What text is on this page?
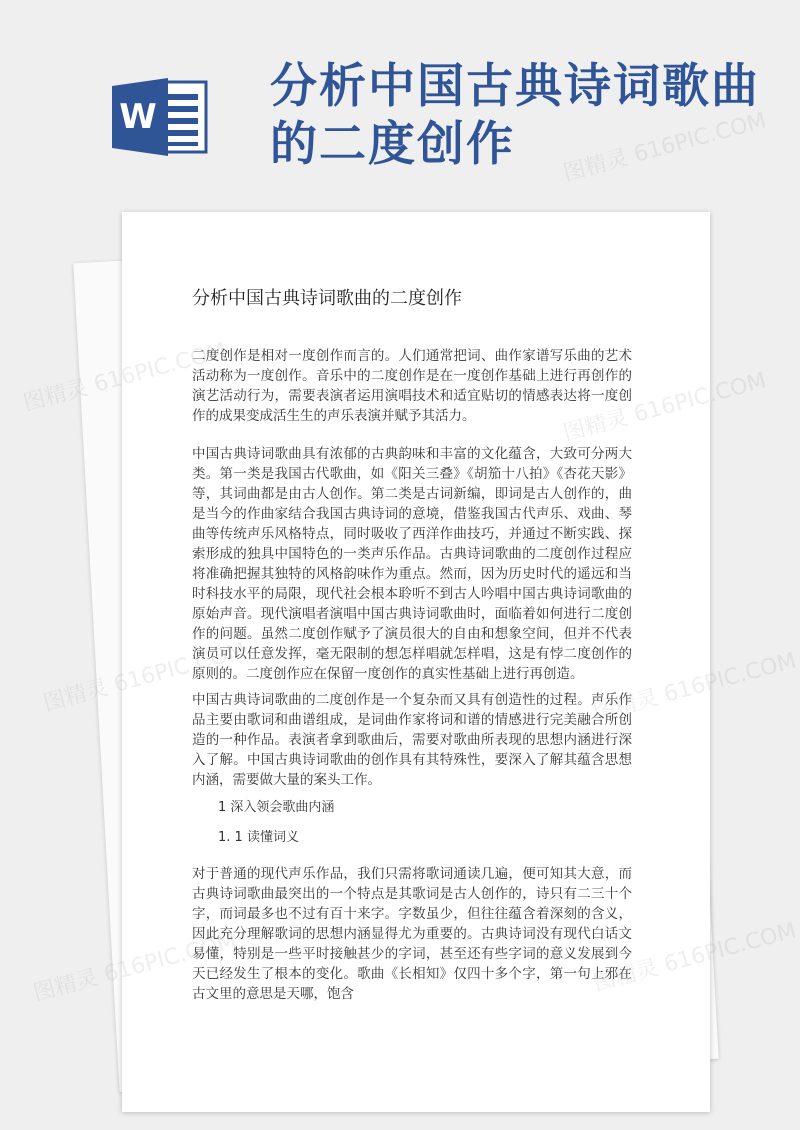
W
分析中国古典诗词歌曲的二度创作
分析中国古典诗词歌曲的二度创作

二度创作是相对一度创作而言的。人们通常把词、曲作家谱写乐曲的艺术活动称为一度创作。音乐中的二度创作是在一度创作基础上进行再创作的演艺活动行为，需要表演者运用演唱技术和适宜贴切的情感表达将一度创作的成果变成活生生的声乐表演并赋予其活力。

中国古典诗词歌曲具有浓郁的古典韵味和丰富的文化蕴含，大致可分两大类。第一类是我国古代歌曲，如《阳关三叠》《胡笳十八拍》《杏花天影》等，其词曲都是由古人创作。第二类是古词新编，即词是古人创作的，曲是当今的作曲家结合我国古典诗词的意境，借鉴我国古代声乐、戏曲、琴曲等传统声乐风格特点，同时吸收了西洋作曲技巧，并通过不断实践、探索形成的独具中国特色的一类声乐作品。古典诗词歌曲的二度创作过程应将准确把握其独特的风格韵味作为重点。然而，因为历史时代的遥远和当时科技水平的局限，现代社会根本聆听不到古人吟唱中国古典诗词歌曲的原始声音。现代演唱者演唱中国古典诗词歌曲时，面临着如何进行二度创作的问题。虽然二度创作赋予了演员很大的自由和想象空间，但并不代表演员可以任意发挥，毫无限制的想怎样唱就怎样唱，这是有悖二度创作的原则的。二度创作应在保留一度创作的真实性基础上进行再创造。

中国古典诗词歌曲的二度创作是一个复杂而又具有创造性的过程。声乐作品主要由歌词和曲谱组成，是词曲作家将词和谱的情感进行完美融合所创造的一种作品。表演者拿到歌曲后，需要对歌曲所表现的思想内涵进行深入了解。中国古典诗词歌曲的创作具有其特殊性，要深入了解其蕴含思想内涵，需要做大量的案头工作。

1 深入领会歌曲内涵
1. 1 读懂词义

对于普通的现代声乐作品，我们只需将歌词通读几遍，便可知其大意，而古典诗词歌曲最突出的一个特点是其歌词是古人创作的，诗只有二三十个字，而词最多也不过有百十来字。字数虽少，但往往蕴含着深刻的含义，因此充分理解歌词的思想内涵显得尤为重要的。古典诗词没有现代白话文易懂，特别是一些平时接触甚少的字词，甚至还有些字词的意义发展到今天已经发生了根本的变化。歌曲《长相知》仅四十多个字，第一句上邪在古文里的意思是天哪，饱含

图精灵 616PIC.COM
图精灵
图精灵	616PIC.COM
图精灵
616PIC.COM
